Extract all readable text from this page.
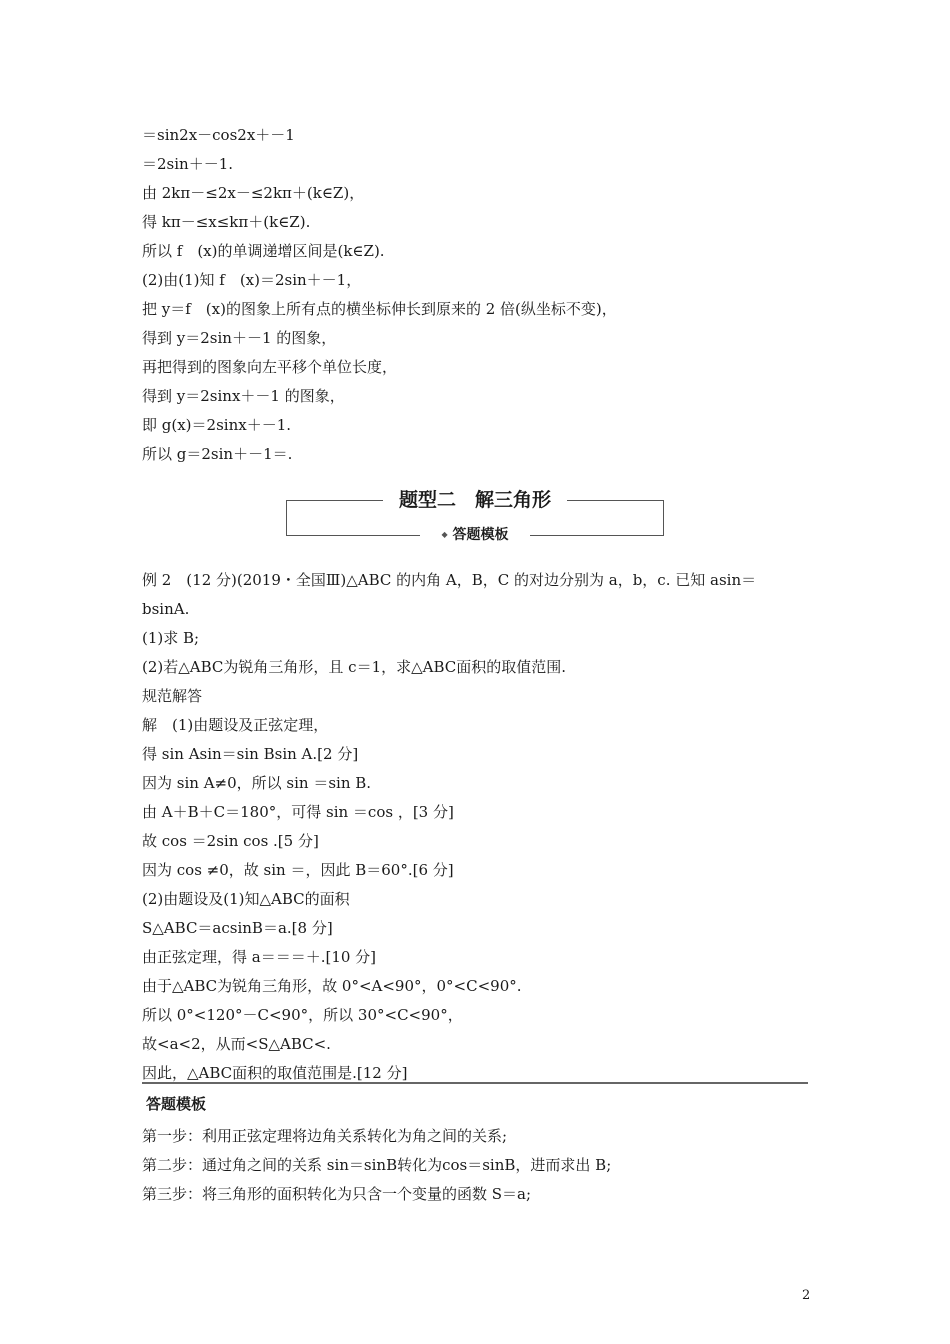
＝sin2x－cos2x＋－1
＝2sin＋－1.
由 2kπ－≤2x－≤2kπ＋(k∈Z)，
得 kπ－≤x≤kπ＋(k∈Z).
所以 f　(x)的单调递增区间是(k∈Z).
(2)由(1)知 f　(x)＝2sin＋－1，
把 y＝f　(x)的图象上所有点的横坐标伸长到原来的 2 倍(纵坐标不变)，
得到 y＝2sin＋－1 的图象，
再把得到的图象向左平移个单位长度，
得到 y＝2sinx＋－1 的图象，
即 g(x)＝2sinx＋－1.
所以 g＝2sin＋－1＝.
题型二　解三角形
◆ 答题模板
例 2　(12 分)(2019・全国Ⅲ)△ABC 的内角 A，B，C 的对边分别为 a，b，c. 已知 asin＝
bsinA.
(1)求 B;
(2)若△ABC为锐角三角形，且 c＝1，求△ABC面积的取值范围.
规范解答
解　(1)由题设及正弦定理，
得 sin Asin＝sin Bsin A.[2 分]
因为 sin A≠0，所以 sin ＝sin B.
由 A＋B＋C＝180°，可得 sin ＝cos ，[3 分]
故 cos ＝2sin cos .[5 分]
因为 cos ≠0，故 sin ＝，因此 B＝60°.[6 分]
(2)由题设及(1)知△ABC的面积
S△ABC＝acsinB＝a.[8 分]
由正弦定理，得 a＝＝＝＋.[10 分]
由于△ABC为锐角三角形，故 0°<A<90°，0°<C<90°.
所以 0°<120°－C<90°，所以 30°<C<90°，
故<a<2，从而<S△ABC<.
因此，△ABC面积的取值范围是.[12 分]
答题模板
第一步：利用正弦定理将边角关系转化为角之间的关系;
第二步：通过角之间的关系 sin＝sinB转化为cos＝sinB，进而求出 B;
第三步：将三角形的面积转化为只含一个变量的函数 S＝a;
2
